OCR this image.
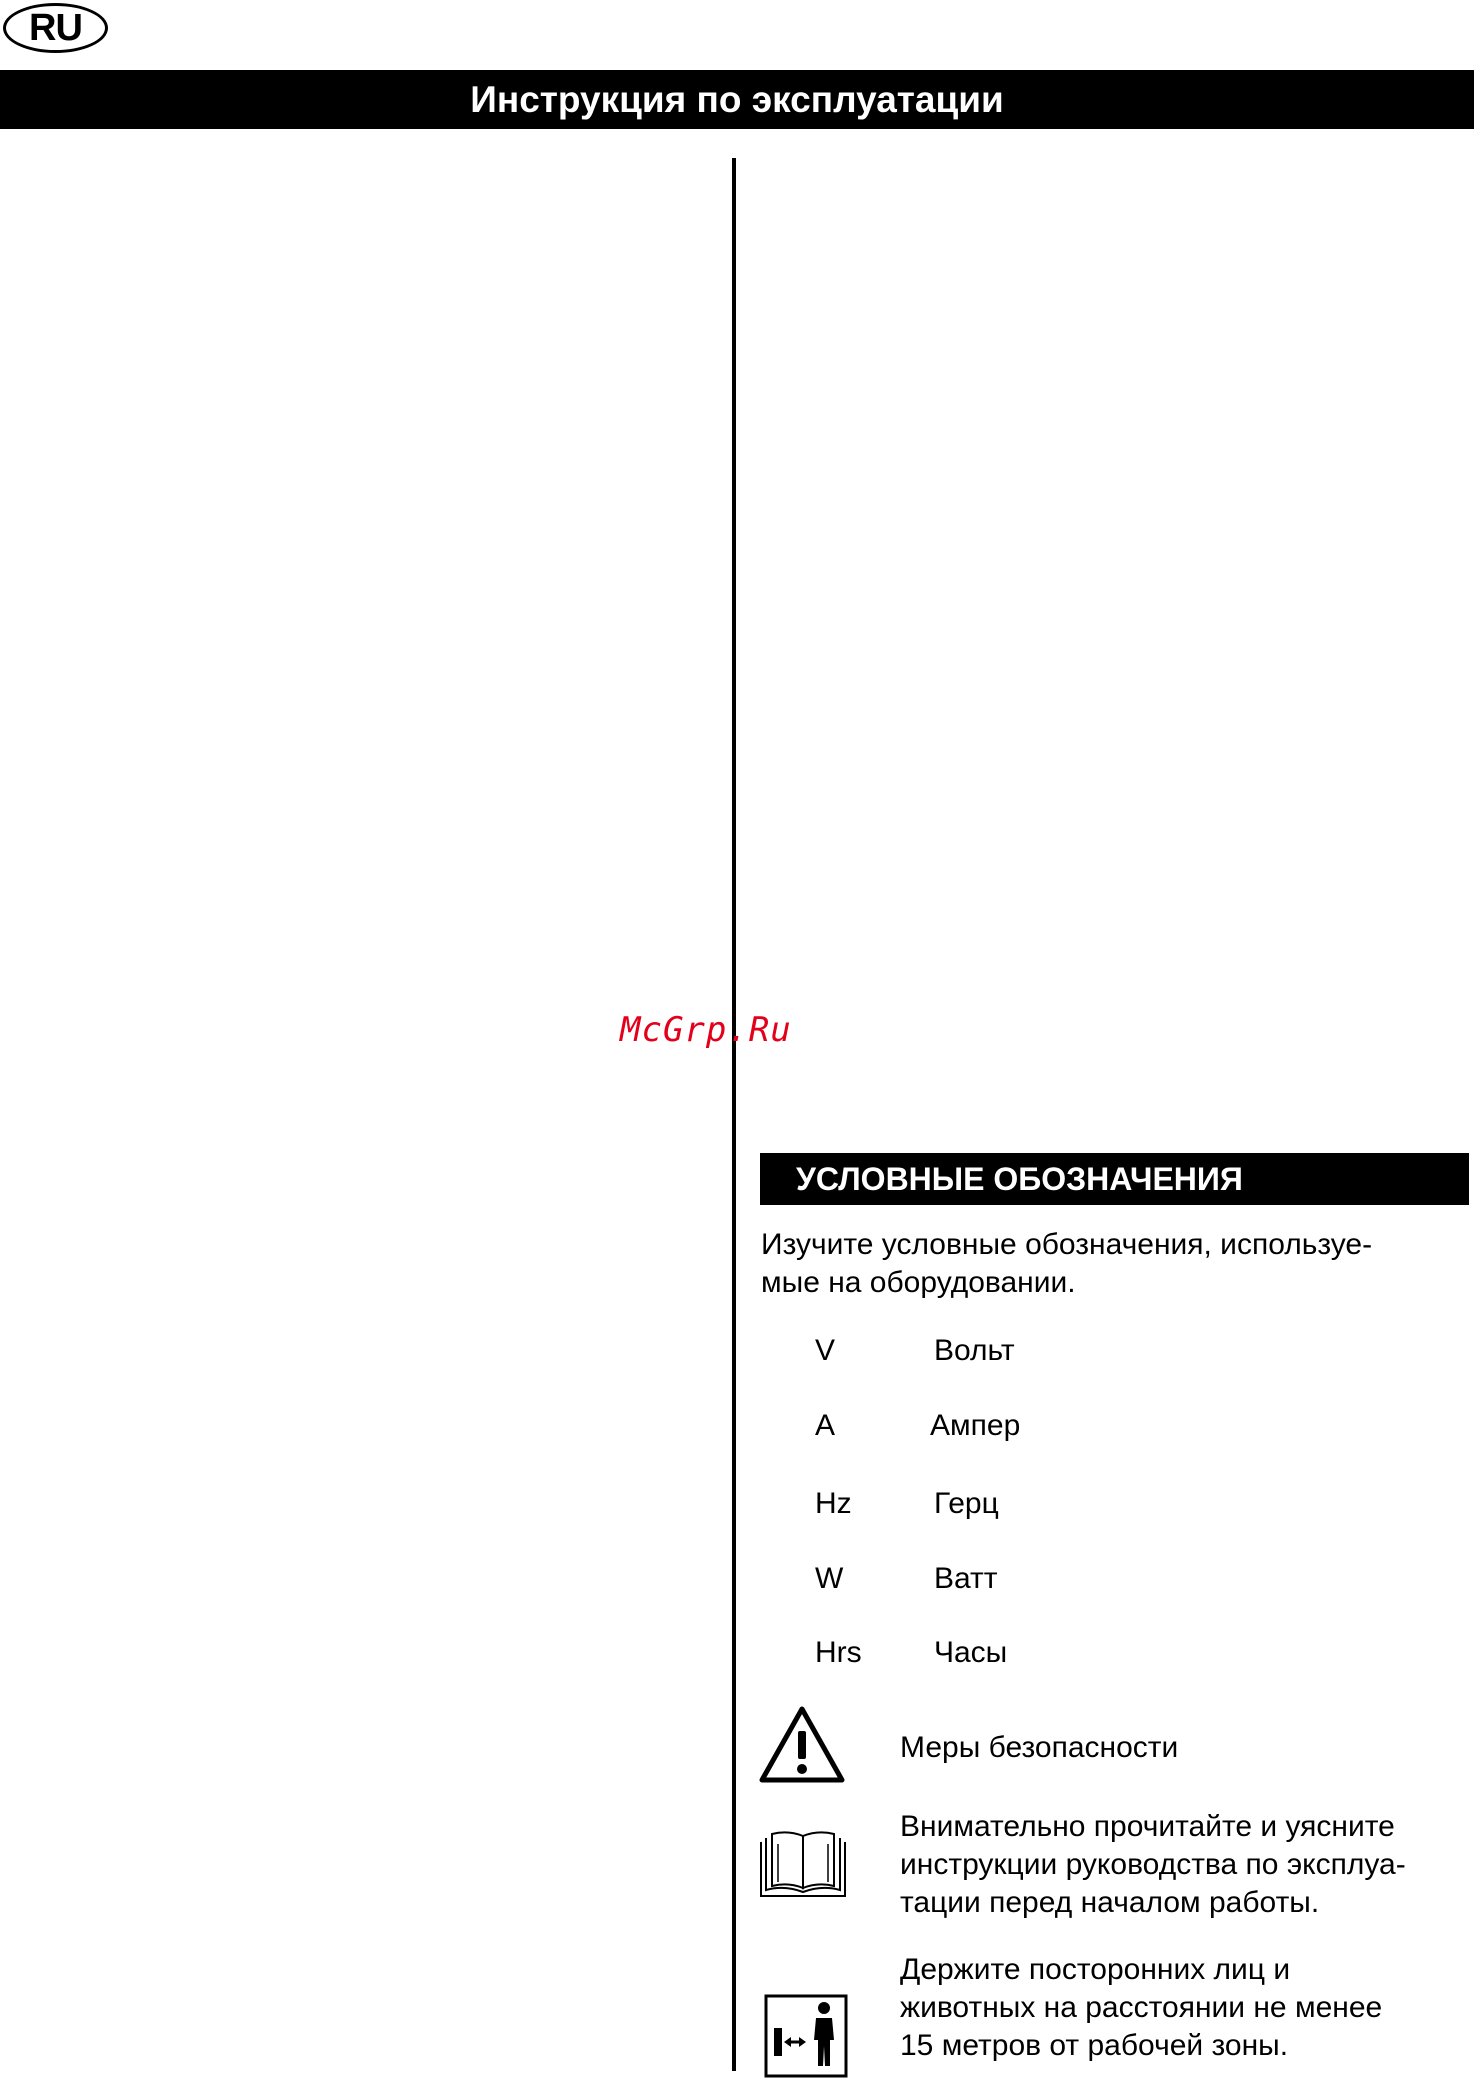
RU
Инструкция по эксплуатации
McGrp.Ru
УСЛОВНЫЕ ОБОЗНАЧЕНИЯ
Изучите условные обозначения, используе-
мые на оборудовании.
V	Вольт
A	Ампер
Hz	Герц
W	Ватт
Hrs Часы
Меры безопасности
Внимательно прочитайте и уясните
инструкции руководства по эксплуа-
тации перед началом работы.
Держите посторонних лиц и
животных на расстоянии не менее
15 метров от рабочей зоны.
